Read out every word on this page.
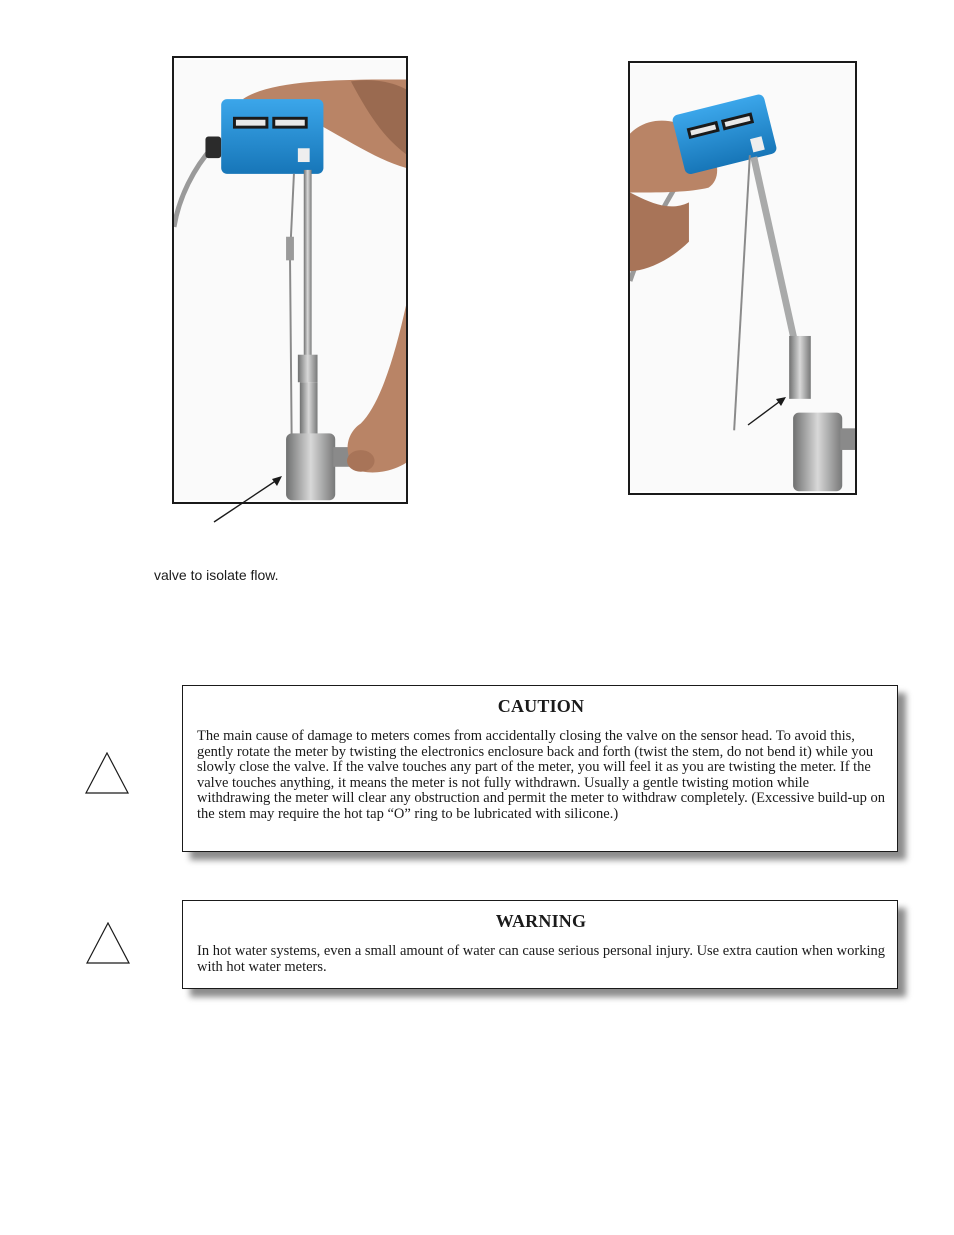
valve to isolate flow.
CAUTION
The main cause of damage to meters comes from accidentally closing the valve on the sensor head. To avoid this, gently rotate the meter by twisting the electronics enclosure back and forth (twist the stem, do not bend it) while you slowly close the valve. If the valve touches any part of the meter, you will feel it as you are twisting the meter. If the valve touches anything, it means the meter is not fully withdrawn. Usually a gentle twisting motion while withdrawing the meter will clear any obstruction and permit the meter to withdraw completely. (Excessive build-up on the stem may require the hot tap “O” ring to be lubricated with silicone.)
WARNING
In hot water systems, even a small amount of water can cause serious personal injury. Use extra caution when working with hot water meters.
